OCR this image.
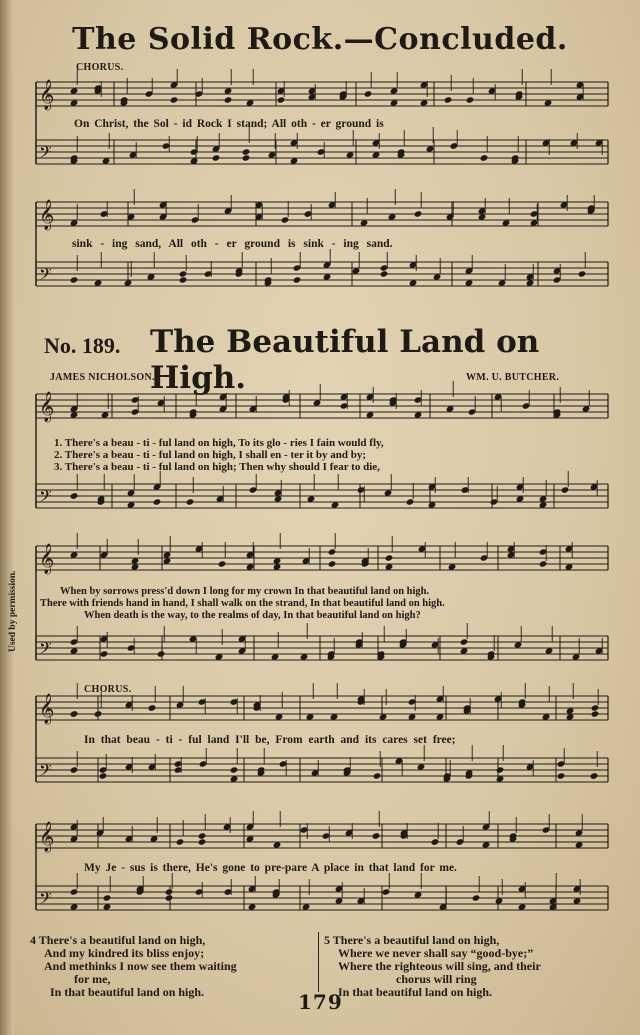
The Solid Rock.—Concluded.
𝄞
𝄢
𝄞
𝄢
𝄞
𝄢
𝄞
𝄢
𝄞
𝄢
𝄞
𝄢
CHORUS.
On Christ, the Sol - id Rock I stand; All oth - er ground is
sink - ing sand, All oth - er ground is sink - ing sand.
No. 189. The Beautiful Land on High.
JAMES NICHOLSON.	WM. U. BUTCHER.
1. There's a beau - ti - ful land on high, To its glo - ries I fain would fly,
2. There's a beau - ti - ful land on high, I shall en - ter it by and by;
3. There's a beau - ti - ful land on high; Then why should I fear to die,
When by sorrows press'd down I long for my crown In that beautiful land on high.
There with friends hand in hand, I shall walk on the strand, In that beautiful land on high.
When death is the way, to the realms of day, In that beautiful land on high?
Used by permission.
CHORUS.
In that beau - ti - ful land I'll be, From earth and its cares set free;
My Je - sus is there, He's gone to pre-pare A place in that land for me.
4 There's a beautiful land on high,
And my kindred its bliss enjoy;
And methinks I now see them waiting
for me,
In that beautiful land on high.
5 There's a beautiful land on high,
Where we never shall say “good-bye;”
Where the righteous will sing, and their
chorus will ring
In that beautiful land on high.
179
